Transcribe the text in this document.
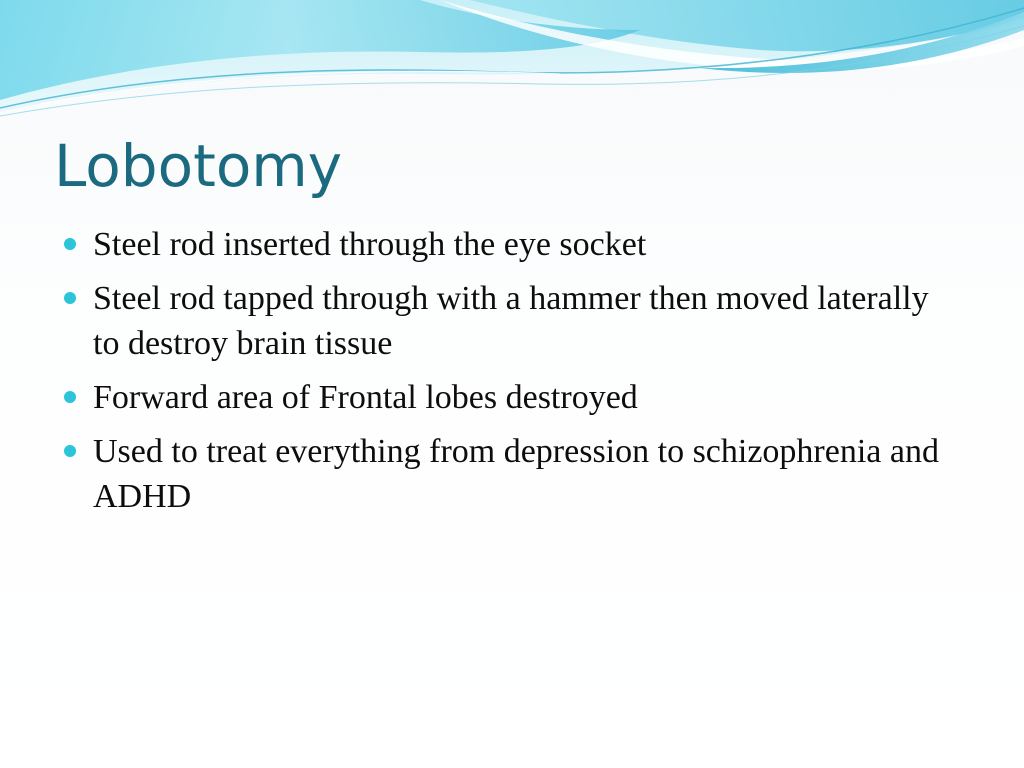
Lobotomy
Steel rod inserted through the eye socket
Steel rod tapped through with a hammer then moved laterally to destroy brain tissue
Forward area of Frontal lobes destroyed
Used to treat everything from depression to schizophrenia and ADHD
